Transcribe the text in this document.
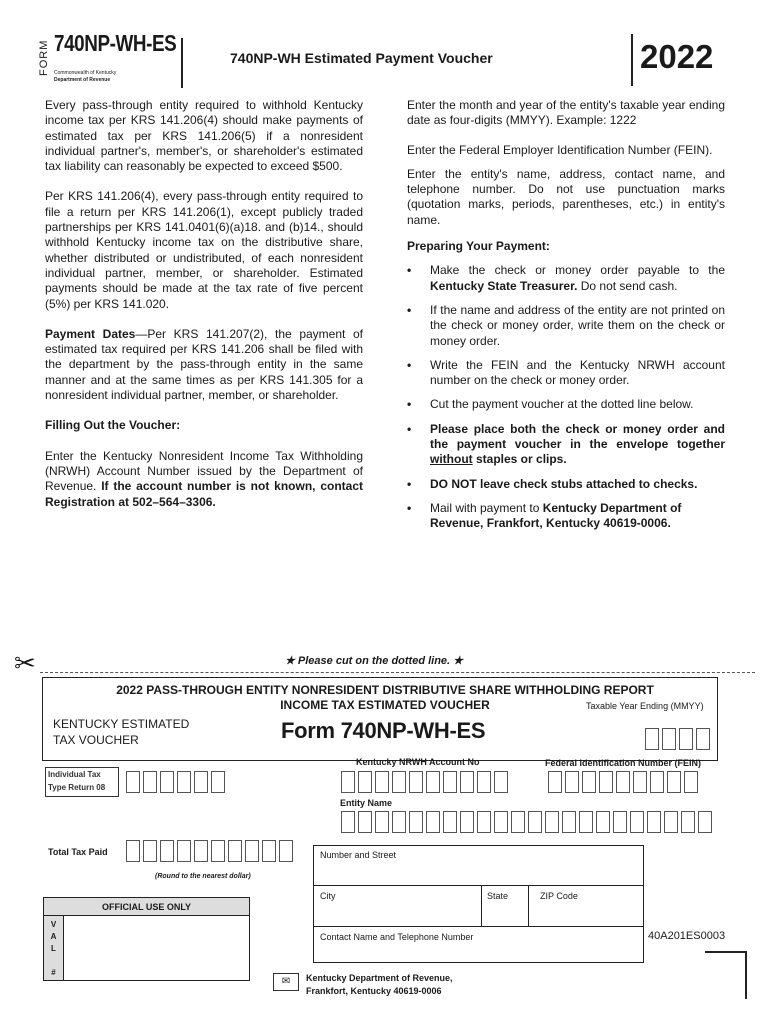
FORM 740NP-WH-ES
Commonwealth of Kentucky
Department of Revenue
740NP-WH Estimated Payment Voucher	2022

Every pass-through entity required to withhold Kentucky income tax per KRS 141.206(4) should make payments of estimated tax per KRS 141.206(5) if a nonresident individual partner's, member's, or shareholder's estimated tax liability can reasonably be expected to exceed $500.

Per KRS 141.206(4), every pass-through entity required to file a return per KRS 141.206(1), except publicly traded partnerships per KRS 141.0401(6)(a)18. and (b)14., should withhold Kentucky income tax on the distributive share, whether distributed or undistributed, of each nonresident individual partner, member, or shareholder. Estimated payments should be made at the tax rate of five percent (5%) per KRS 141.020.

Payment Dates—Per KRS 141.207(2), the payment of estimated tax required per KRS 141.206 shall be filed with the department by the pass-through entity in the same manner and at the same times as per KRS 141.305 for a nonresident individual partner, member, or shareholder.

Filling Out the Voucher:

Enter the Kentucky Nonresident Income Tax Withholding (NRWH) Account Number issued by the Department of Revenue. If the account number is not known, contact Registration at 502–564–3306.

Enter the month and year of the entity's taxable year ending date as four-digits (MMYY). Example: 1222

Enter the Federal Employer Identification Number (FEIN).

Enter the entity's name, address, contact name, and telephone number. Do not use punctuation marks (quotation marks, periods, parentheses, etc.) in entity's name.

Preparing Your Payment:

• Make the check or money order payable to the Kentucky State Treasurer. Do not send cash.
• If the name and address of the entity are not printed on the check or money order, write them on the check or money order.
• Write the FEIN and the Kentucky NRWH account number on the check or money order.
• Cut the payment voucher at the dotted line below.
• Please place both the check or money order and the payment voucher in the envelope together without staples or clips.
• DO NOT leave check stubs attached to checks.
• Mail with payment to Kentucky Department of
Revenue, Frankfort, Kentucky 40619-0006.
✂	★ Please cut on the dotted line. ★
2022 PASS-THROUGH ENTITY NONRESIDENT DISTRIBUTIVE SHARE WITHHOLDING REPORT
INCOME TAX ESTIMATED VOUCHER	Taxable Year Ending (MMYY)
KENTUCKY ESTIMATED
TAX VOUCHER	Form 740NP-WH-ES
Kentucky NRWH Account No	Federal Identification Number (FEIN)
Individual Tax
Type Return 08
Entity Name
Total Tax Paid
(Round to the nearest dollar)
Number and Street
City	State	ZIP Code
Contact Name and Telephone Number
OFFICIAL USE ONLY
V
A
L

#
40A201ES0003
✉	Kentucky Department of Revenue,
Frankfort, Kentucky 40619-0006
